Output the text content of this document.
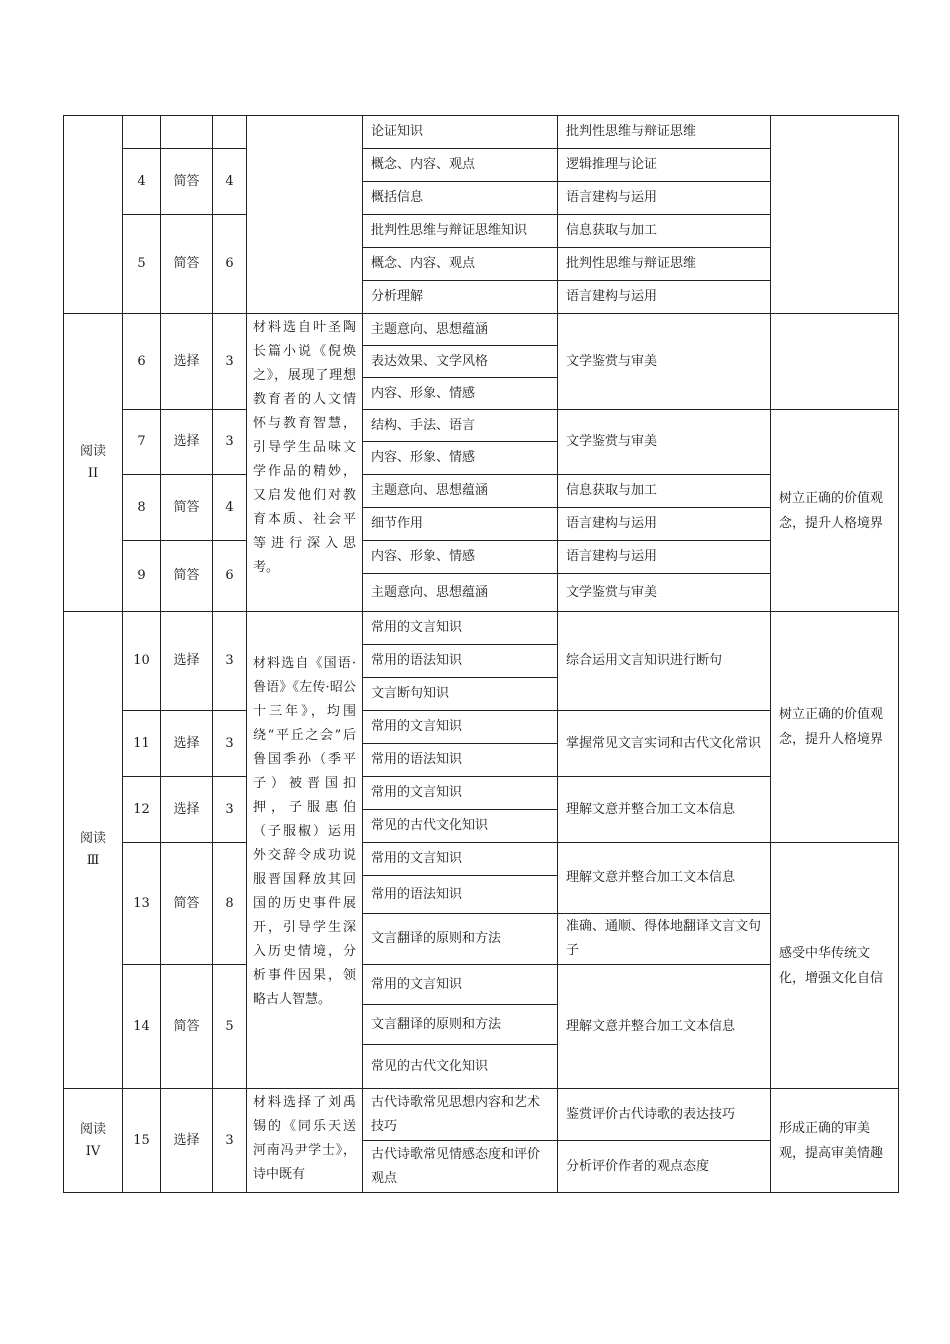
					论证知识	批判性思维与辩证思维	
	4	简答	4		概念、内容、观点	逻辑推理与论证	
					概括信息	语言建构与运用	
	5	简答	6		批判性思维与辩证思维知识	信息获取与加工	
					概念、内容、观点	批判性思维与辩证思维	
					分析理解	语言建构与运用	
阅读
II	6	选择	3	材料选自叶圣陶长篇小说《倪焕之》，展现了理想教育者的人文情怀与教育智慧，引导学生品味文学作品的精妙，又启发他们对教育本质、社会平等进行深入思考。	主题意向、思想蕴涵	文学鉴赏与审美	
					表达效果、文学风格		
					内容、形象、情感		
	7	选择	3		结构、手法、语言	文学鉴赏与审美	树立正确的价值观念，提升人格境界
					内容、形象、情感		
	8	简答	4		主题意向、思想蕴涵	信息获取与加工	
					细节作用	语言建构与运用	
	9	简答	6		内容、形象、情感	语言建构与运用	
					主题意向、思想蕴涵	文学鉴赏与审美	
阅读
Ⅲ	10	选择	3	材料选自《国语·鲁语》《左传·昭公十三年》，均围绕“平丘之会”后鲁国季孙（季平子）被晋国扣押，子服惠伯（子服椒）运用外交辞令成功说服晋国释放其回国的历史事件展开，引导学生深入历史情境，分析事件因果，领略古人智慧。	常用的文言知识	综合运用文言知识进行断句	树立正确的价值观念，提升人格境界
					常用的语法知识		
					文言断句知识		
	11	选择	3		常用的文言知识	掌握常见文言实词和古代文化常识	
					常用的语法知识		
	12	选择	3		常用的文言知识	理解文意并整合加工文本信息	
					常见的古代文化知识		
	13	简答	8		常用的文言知识	理解文意并整合加工文本信息	感受中华传统文化，增强文化自信
					常用的语法知识		
					文言翻译的原则和方法	准确、通顺、得体地翻译文言文句子	
	14	简答	5		常用的文言知识	理解文意并整合加工文本信息	
					文言翻译的原则和方法		
					常见的古代文化知识		
阅读
IV	15	选择	3	材料选择了刘禹锡的《同乐天送河南冯尹学士》，诗中既有	古代诗歌常见思想内容和艺术技巧	鉴赏评价古代诗歌的表达技巧	形成正确的审美观，提高审美情趣
					古代诗歌常见情感态度和评价观点	分析评价作者的观点态度	
